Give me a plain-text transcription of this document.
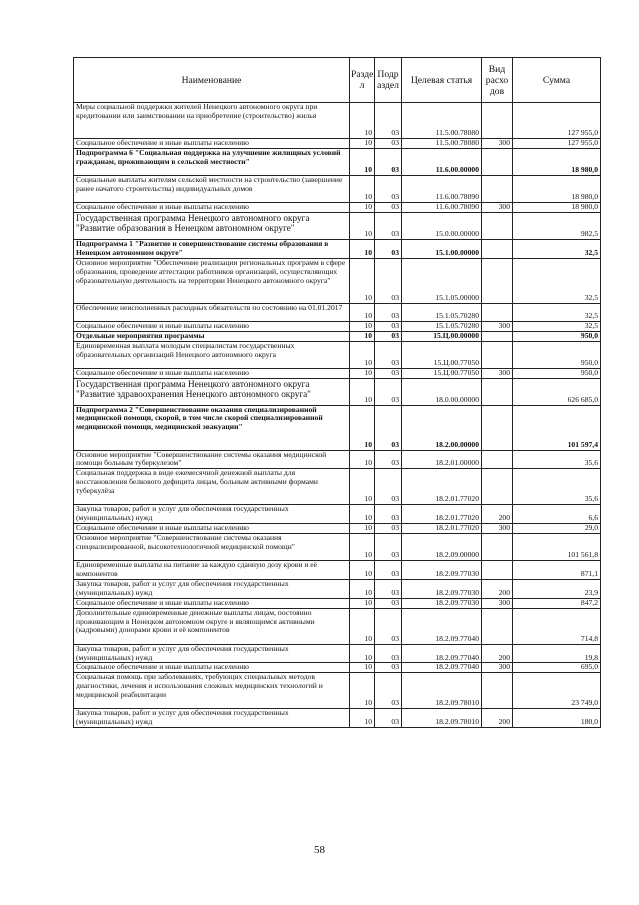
Наименование	Разде л	Подр аздел	Целевая статья	Вид расхо дов	Сумма
Меры социальной поддержки жителей Ненецкого автономного округа при кредитовании или заимствовании на приобретение (строительство) жилья	10	03	11.5.00.78080		127 955,0
Социальное обеспечение и иные выплаты населению	10	03	11.5.00.78080	300	127 955,0
Подпрограмма 6 "Социальная поддержка на улучшение жилищных условий гражданам, проживающим в сельской местности"	10	03	11.6.00.00000		18 980,0
Социальные выплаты жителям сельской местности на строительство (завершение ранее начатого строительства) индивидуальных домов	10	03	11.6.00.78090		18 980,0
Социальное обеспечение и иные выплаты населению	10	03	11.6.00.78090	300	18 980,0
Государственная программа Ненецкого автономного округа "Развитие образования в Ненецком автономном округе"	10	03	15.0.00.00000		982,5
Подпрограмма 1 "Развитие и совершенствование системы образования в Ненецком автономном округе"	10	03	15.1.00.00000		32,5
Основное мероприятие "Обеспечение реализации региональных программ в сфере образования, проведение аттестации работников организаций, осуществляющих образовательную деятельность на территории Ненецкого автономного округа"	10	03	15.1.05.00000		32,5
Обеспечение неисполненных расходных обязательств по состоянию на 01.01.2017	10	03	15.1.05.70280		32,5
Социальное обеспечение и иные выплаты населению	10	03	15.1.05.70280	300	32,5
Отдельные мероприятия программы	10	03	15.Ц.00.00000		950,0
Единовременная выплата молодым специалистам государственных образовательных организаций Ненецкого автономного округа	10	03	15.Ц.00.77050		950,0
Социальное обеспечение и иные выплаты населению	10	03	15.Ц.00.77050	300	950,0
Государственная программа Ненецкого автономного округа "Развитие здравоохранения Ненецкого автономного округа"	10	03	18.0.00.00000		626 685,0
Подпрограмма 2 "Совершенствование оказания специализированной медицинской помощи, скорой, в том числе скорой специализированной медицинской помощи, медицинской эвакуации"	10	03	18.2.00.00000		101 597,4
Основное мероприятие "Совершенствование системы оказания медицинской помощи больным туберкулезом"	10	03	18.2.01.00000		35,6
Социальная поддержка в виде ежемесячной денежной выплаты для восстановления белкового дефицита лицам, больным активными формами туберкулёза	10	03	18.2.01.77020		35,6
Закупка товаров, работ и услуг для обеспечения государственных (муниципальных) нужд	10	03	18.2.01.77020	200	6,6
Социальное обеспечение и иные выплаты населению	10	03	18.2.01.77020	300	29,0
Основное мероприятие "Совершенствование системы оказания специализированной, высокотехнологичной медицинской помощи"	10	03	18.2.09.00000		101 561,8
Единовременные выплаты на питание за каждую сданную дозу крови и её компонентов	10	03	18.2.09.77030		871,1
Закупка товаров, работ и услуг для обеспечения государственных (муниципальных) нужд	10	03	18.2.09.77030	200	23,9
Социальное обеспечение и иные выплаты населению	10	03	18.2.09.77030	300	847,2
Дополнительные единовременные денежные выплаты лицам, постоянно проживающим в Ненецком автономном округе и являющимся активными (кадровыми) донорами крови и её компонентов	10	03	18.2.09.77040		714,8
Закупка товаров, работ и услуг для обеспечения государственных (муниципальных) нужд	10	03	18.2.09.77040	200	19,8
Социальное обеспечение и иные выплаты населению	10	03	18.2.09.77040	300	695,0
Социальная помощь при заболеваниях, требующих специальных методов диагностики, лечения и использования сложных медицинских технологий и медицинской реабилитации	10	03	18.2.09.78010		23 749,0
Закупка товаров, работ и услуг для обеспечения государственных (муниципальных) нужд	10	03	18.2.09.78010	200	180,0
58
